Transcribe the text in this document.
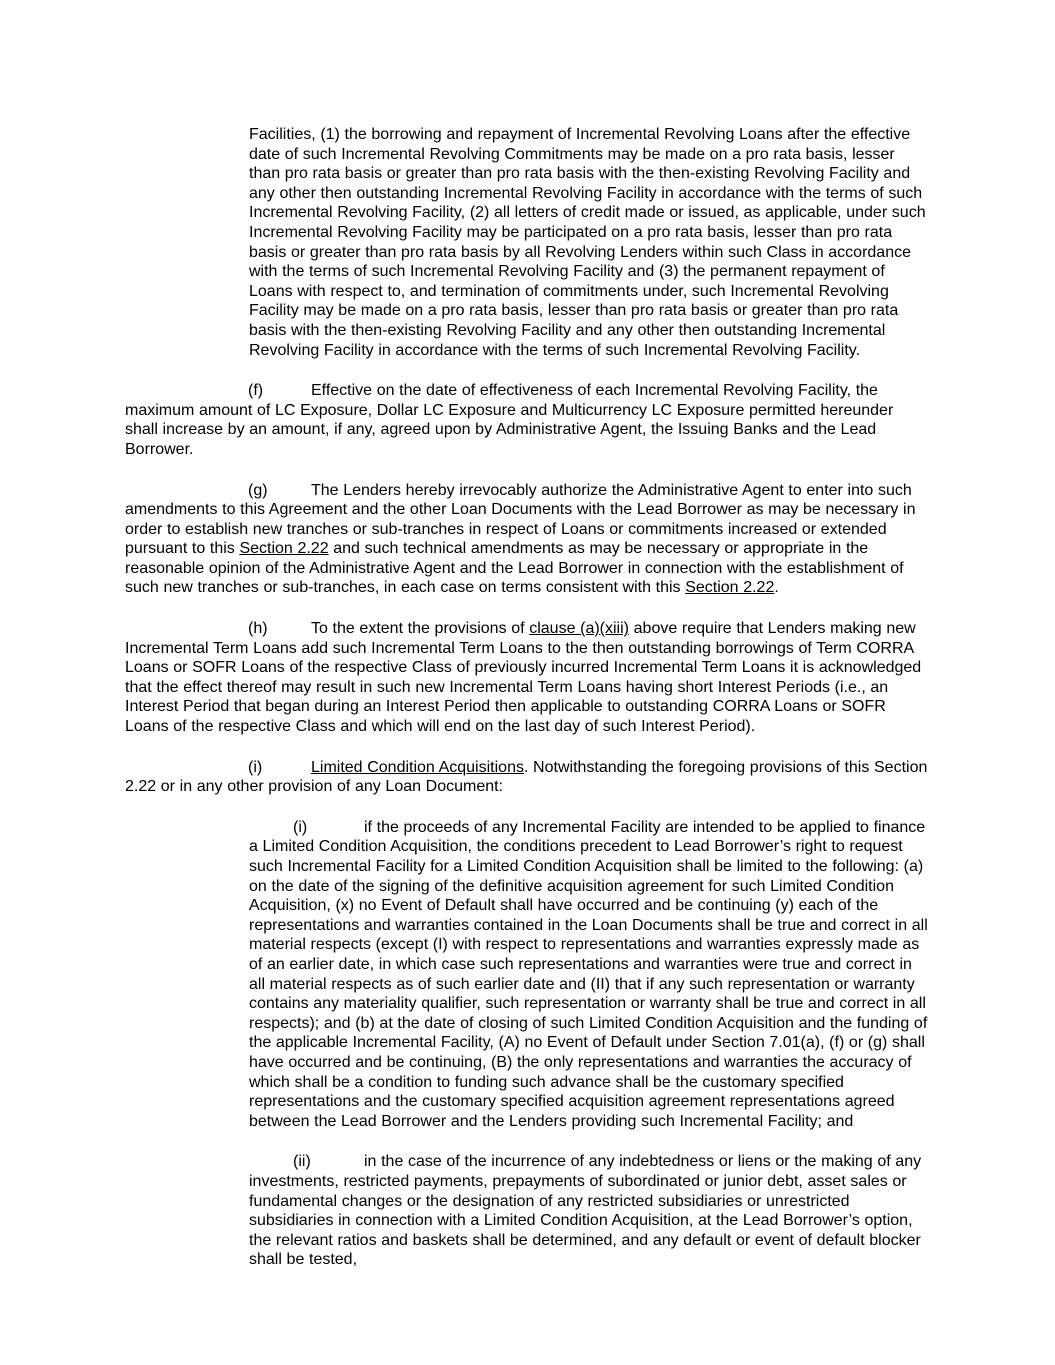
Facilities, (1) the borrowing and repayment of Incremental Revolving Loans after the effective date of such Incremental Revolving Commitments may be made on a pro rata basis, lesser than pro rata basis or greater than pro rata basis with the then-existing Revolving Facility and any other then outstanding Incremental Revolving Facility in accordance with the terms of such Incremental Revolving Facility, (2) all letters of credit made or issued, as applicable, under such Incremental Revolving Facility may be participated on a pro rata basis, lesser than pro rata basis or greater than pro rata basis by all Revolving Lenders within such Class in accordance with the terms of such Incremental Revolving Facility and (3) the permanent repayment of Loans with respect to, and termination of commitments under, such Incremental Revolving Facility may be made on a pro rata basis, lesser than pro rata basis or greater than pro rata basis with the then-existing Revolving Facility and any other then outstanding Incremental Revolving Facility in accordance with the terms of such Incremental Revolving Facility.

(f)	Effective on the date of effectiveness of each Incremental Revolving Facility, the maximum amount of LC Exposure, Dollar LC Exposure and Multicurrency LC Exposure permitted hereunder shall increase by an amount, if any, agreed upon by Administrative Agent, the Issuing Banks and the Lead Borrower.

(g)	The Lenders hereby irrevocably authorize the Administrative Agent to enter into such amendments to this Agreement and the other Loan Documents with the Lead Borrower as may be necessary in order to establish new tranches or sub-tranches in respect of Loans or commitments increased or extended pursuant to this Section 2.22 and such technical amendments as may be necessary or appropriate in the reasonable opinion of the Administrative Agent and the Lead Borrower in connection with the establishment of such new tranches or sub-tranches, in each case on terms consistent with this Section 2.22.

(h)	To the extent the provisions of clause (a)(xiii) above require that Lenders making new Incremental Term Loans add such Incremental Term Loans to the then outstanding borrowings of Term CORRA Loans or SOFR Loans of the respective Class of previously incurred Incremental Term Loans it is acknowledged that the effect thereof may result in such new Incremental Term Loans having short Interest Periods (i.e., an Interest Period that began during an Interest Period then applicable to outstanding CORRA Loans or SOFR Loans of the respective Class and which will end on the last day of such Interest Period).

(i)	Limited Condition Acquisitions. Notwithstanding the foregoing provisions of this Section 2.22 or in any other provision of any Loan Document:

(i)	if the proceeds of any Incremental Facility are intended to be applied to finance a Limited Condition Acquisition, the conditions precedent to Lead Borrower’s right to request such Incremental Facility for a Limited Condition Acquisition shall be limited to the following: (a) on the date of the signing of the definitive acquisition agreement for such Limited Condition Acquisition, (x) no Event of Default shall have occurred and be continuing (y) each of the representations and warranties contained in the Loan Documents shall be true and correct in all material respects (except (I) with respect to representations and warranties expressly made as of an earlier date, in which case such representations and warranties were true and correct in all material respects as of such earlier date and (II) that if any such representation or warranty contains any materiality qualifier, such representation or warranty shall be true and correct in all respects); and (b) at the date of closing of such Limited Condition Acquisition and the funding of the applicable Incremental Facility, (A) no Event of Default under Section 7.01(a), (f) or (g) shall have occurred and be continuing, (B) the only representations and warranties the accuracy of which shall be a condition to funding such advance shall be the customary specified representations and the customary specified acquisition agreement representations agreed between the Lead Borrower and the Lenders providing such Incremental Facility; and

(ii)	in the case of the incurrence of any indebtedness or liens or the making of any investments, restricted payments, prepayments of subordinated or junior debt, asset sales or fundamental changes or the designation of any restricted subsidiaries or unrestricted subsidiaries in connection with a Limited Condition Acquisition, at the Lead Borrower’s option, the relevant ratios and baskets shall be determined, and any default or event of default blocker shall be tested,
